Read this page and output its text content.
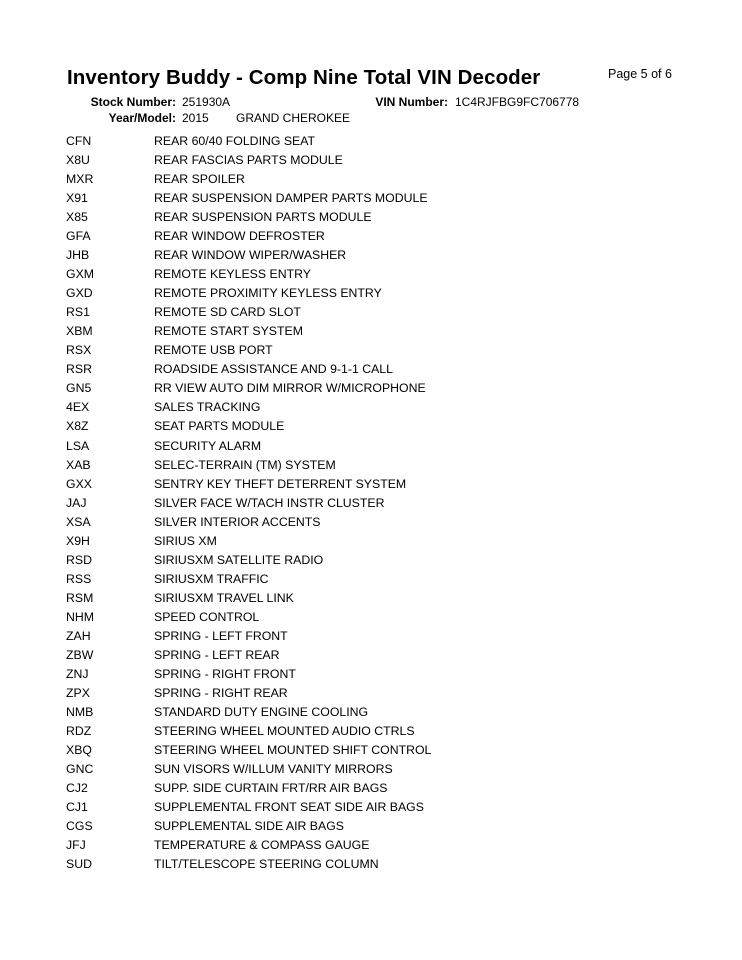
Inventory Buddy - Comp Nine Total VIN Decoder	Page 5 of 6
Stock Number: 251930A	VIN Number: 1C4RJFBG9FC706778
Year/Model: 2015 GRAND CHEROKEE
CFN	REAR 60/40 FOLDING SEAT
X8U	REAR FASCIAS PARTS MODULE
MXR	REAR SPOILER
X91	REAR SUSPENSION DAMPER PARTS MODULE
X85	REAR SUSPENSION PARTS MODULE
GFA	REAR WINDOW DEFROSTER
JHB	REAR WINDOW WIPER/WASHER
GXM	REMOTE KEYLESS ENTRY
GXD	REMOTE PROXIMITY KEYLESS ENTRY
RS1	REMOTE SD CARD SLOT
XBM	REMOTE START SYSTEM
RSX	REMOTE USB PORT
RSR	ROADSIDE ASSISTANCE AND 9-1-1 CALL
GN5	RR VIEW AUTO DIM MIRROR W/MICROPHONE
4EX	SALES TRACKING
X8Z	SEAT PARTS MODULE
LSA	SECURITY ALARM
XAB	SELEC-TERRAIN (TM) SYSTEM
GXX	SENTRY KEY THEFT DETERRENT SYSTEM
JAJ	SILVER FACE W/TACH INSTR CLUSTER
XSA	SILVER INTERIOR ACCENTS
X9H	SIRIUS XM
RSD	SIRIUSXM SATELLITE RADIO
RSS	SIRIUSXM TRAFFIC
RSM	SIRIUSXM TRAVEL LINK
NHM	SPEED CONTROL
ZAH	SPRING - LEFT FRONT
ZBW	SPRING - LEFT REAR
ZNJ	SPRING - RIGHT FRONT
ZPX	SPRING - RIGHT REAR
NMB	STANDARD DUTY ENGINE COOLING
RDZ	STEERING WHEEL MOUNTED AUDIO CTRLS
XBQ	STEERING WHEEL MOUNTED SHIFT CONTROL
GNC	SUN VISORS W/ILLUM VANITY MIRRORS
CJ2	SUPP. SIDE CURTAIN FRT/RR AIR BAGS
CJ1	SUPPLEMENTAL FRONT SEAT SIDE AIR BAGS
CGS	SUPPLEMENTAL SIDE AIR BAGS
JFJ	TEMPERATURE & COMPASS GAUGE
SUD	TILT/TELESCOPE STEERING COLUMN
